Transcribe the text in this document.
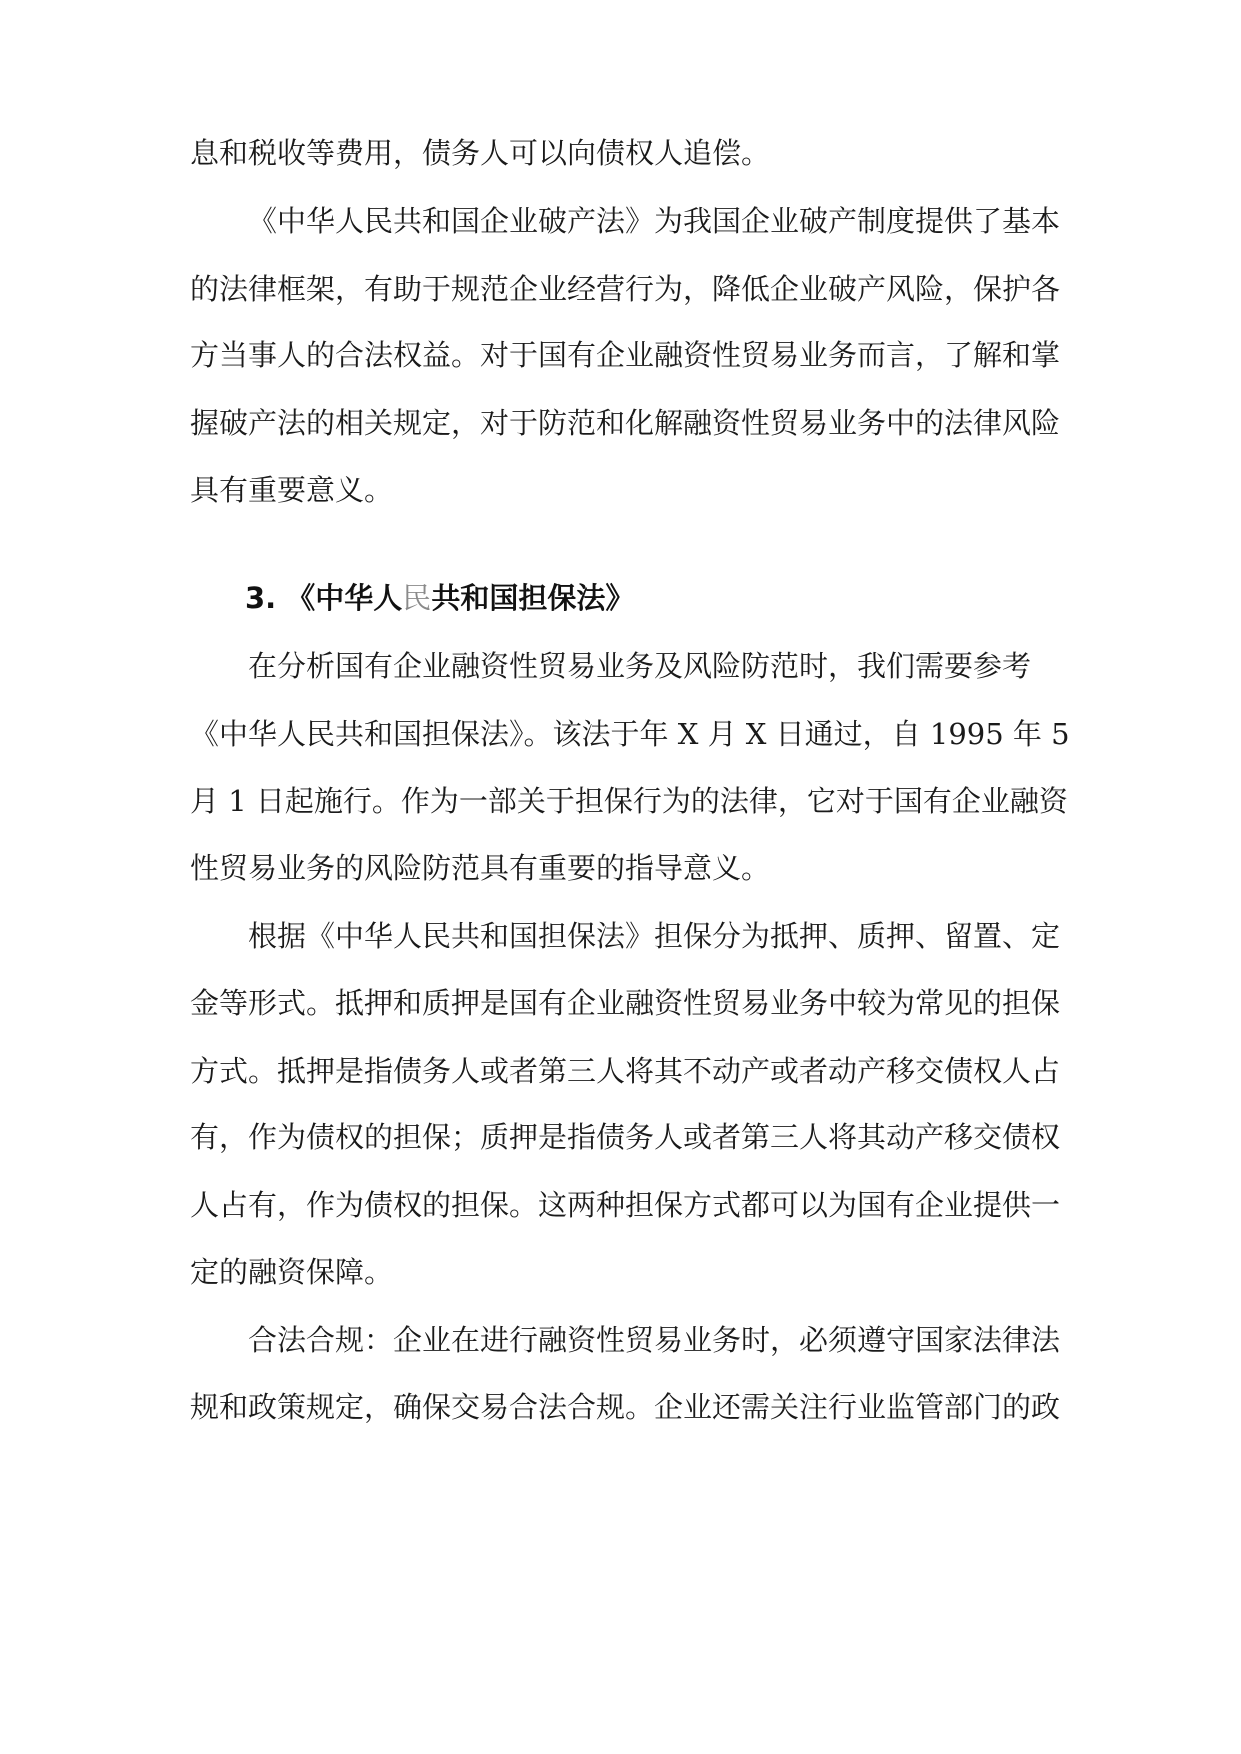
息和税收等费用，债务人可以向债权人追偿。

《中华人民共和国企业破产法》为我国企业破产制度提供了基本

的法律框架，有助于规范企业经营行为，降低企业破产风险，保护各

方当事人的合法权益。对于国有企业融资性贸易业务而言，了解和掌

握破产法的相关规定，对于防范和化解融资性贸易业务中的法律风险

具有重要意义。

3. 《中华人民共和国担保法》

在分析国有企业融资性贸易业务及风险防范时，我们需要参考

《中华人民共和国担保法》。该法于年 X 月 X 日通过，自 1995 年 5

月 1 日起施行。作为一部关于担保行为的法律，它对于国有企业融资

性贸易业务的风险防范具有重要的指导意义。

根据《中华人民共和国担保法》担保分为抵押、质押、留置、定

金等形式。抵押和质押是国有企业融资性贸易业务中较为常见的担保

方式。抵押是指债务人或者第三人将其不动产或者动产移交债权人占

有，作为债权的担保；质押是指债务人或者第三人将其动产移交债权

人占有，作为债权的担保。这两种担保方式都可以为国有企业提供一

定的融资保障。

合法合规：企业在进行融资性贸易业务时，必须遵守国家法律法

规和政策规定，确保交易合法合规。企业还需关注行业监管部门的政
